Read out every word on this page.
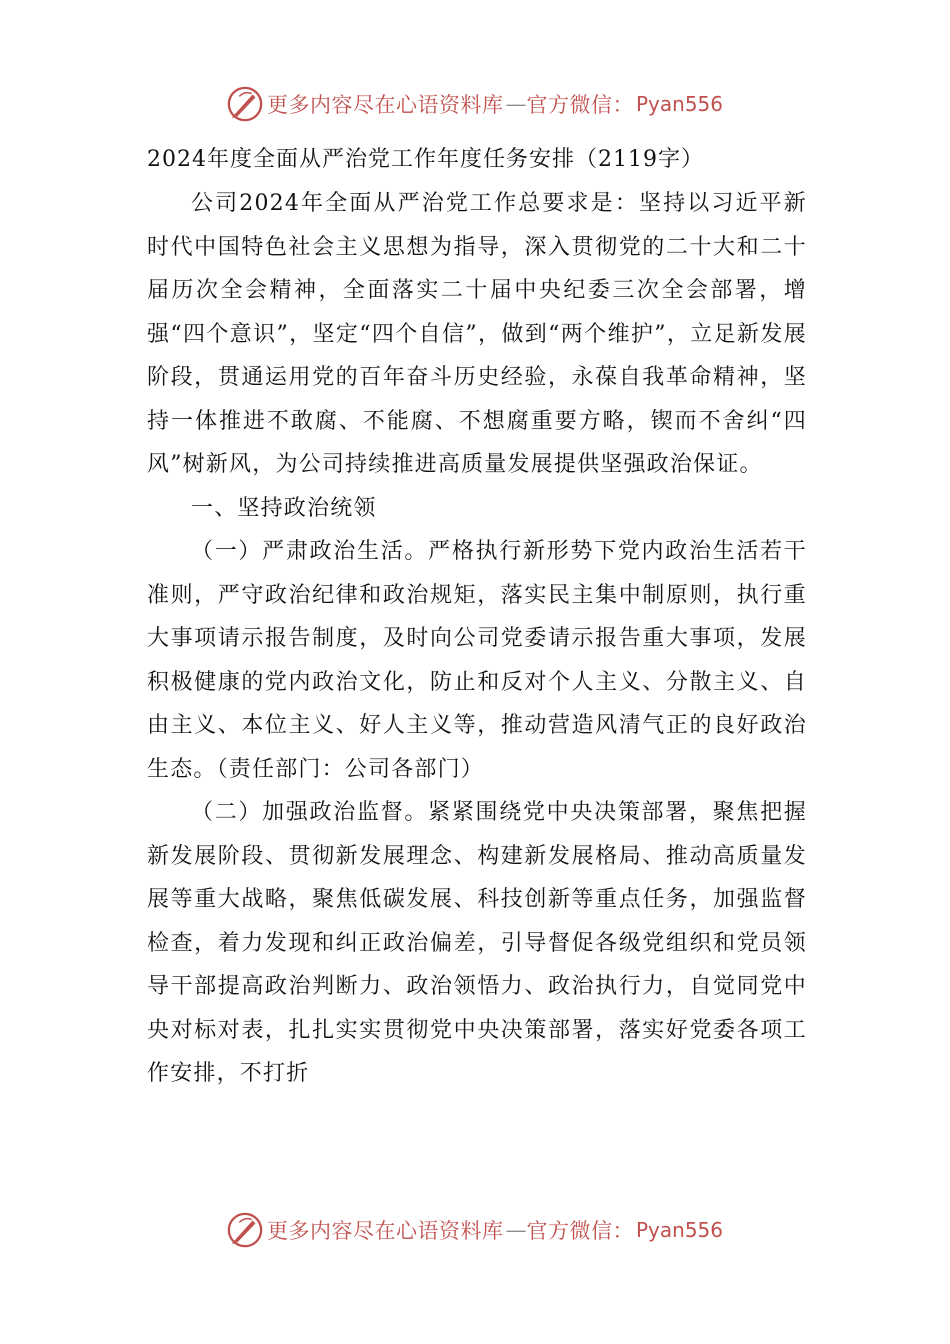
更多内容尽在心语资料库 — 官方微信： Pyan556
2024年度全面从严治党工作年度任务安排（2119字）

公司2024年全面从严治党工作总要求是：坚持以习近平新时代中国特色社会主义思想为指导，深入贯彻党的二十大和二十届历次全会精神，全面落实二十届中央纪委三次全会部署，增强“四个意识”，坚定“四个自信”，做到“两个维护”，立足新发展阶段，贯通运用党的百年奋斗历史经验，永葆自我革命精神，坚持一体推进不敢腐、不能腐、不想腐重要方略，锲而不舍纠“四风”树新风，为公司持续推进高质量发展提供坚强政治保证。

一、坚持政治统领

（一）严肃政治生活。严格执行新形势下党内政治生活若干准则，严守政治纪律和政治规矩，落实民主集中制原则，执行重大事项请示报告制度，及时向公司党委请示报告重大事项，发展积极健康的党内政治文化，防止和反对个人主义、分散主义、自由主义、本位主义、好人主义等，推动营造风清气正的良好政治生态。（责任部门：公司各部门）

（二）加强政治监督。紧紧围绕党中央决策部署，聚焦把握新发展阶段、贯彻新发展理念、构建新发展格局、推动高质量发展等重大战略，聚焦低碳发展、科技创新等重点任务，加强监督检查，着力发现和纠正政治偏差，引导督促各级党组织和党员领导干部提高政治判断力、政治领悟力、政治执行力，自觉同党中央对标对表，扎扎实实贯彻党中央决策部署，落实好党委各项工作安排，不打折

更多内容尽在心语资料库 — 官方微信： Pyan556
